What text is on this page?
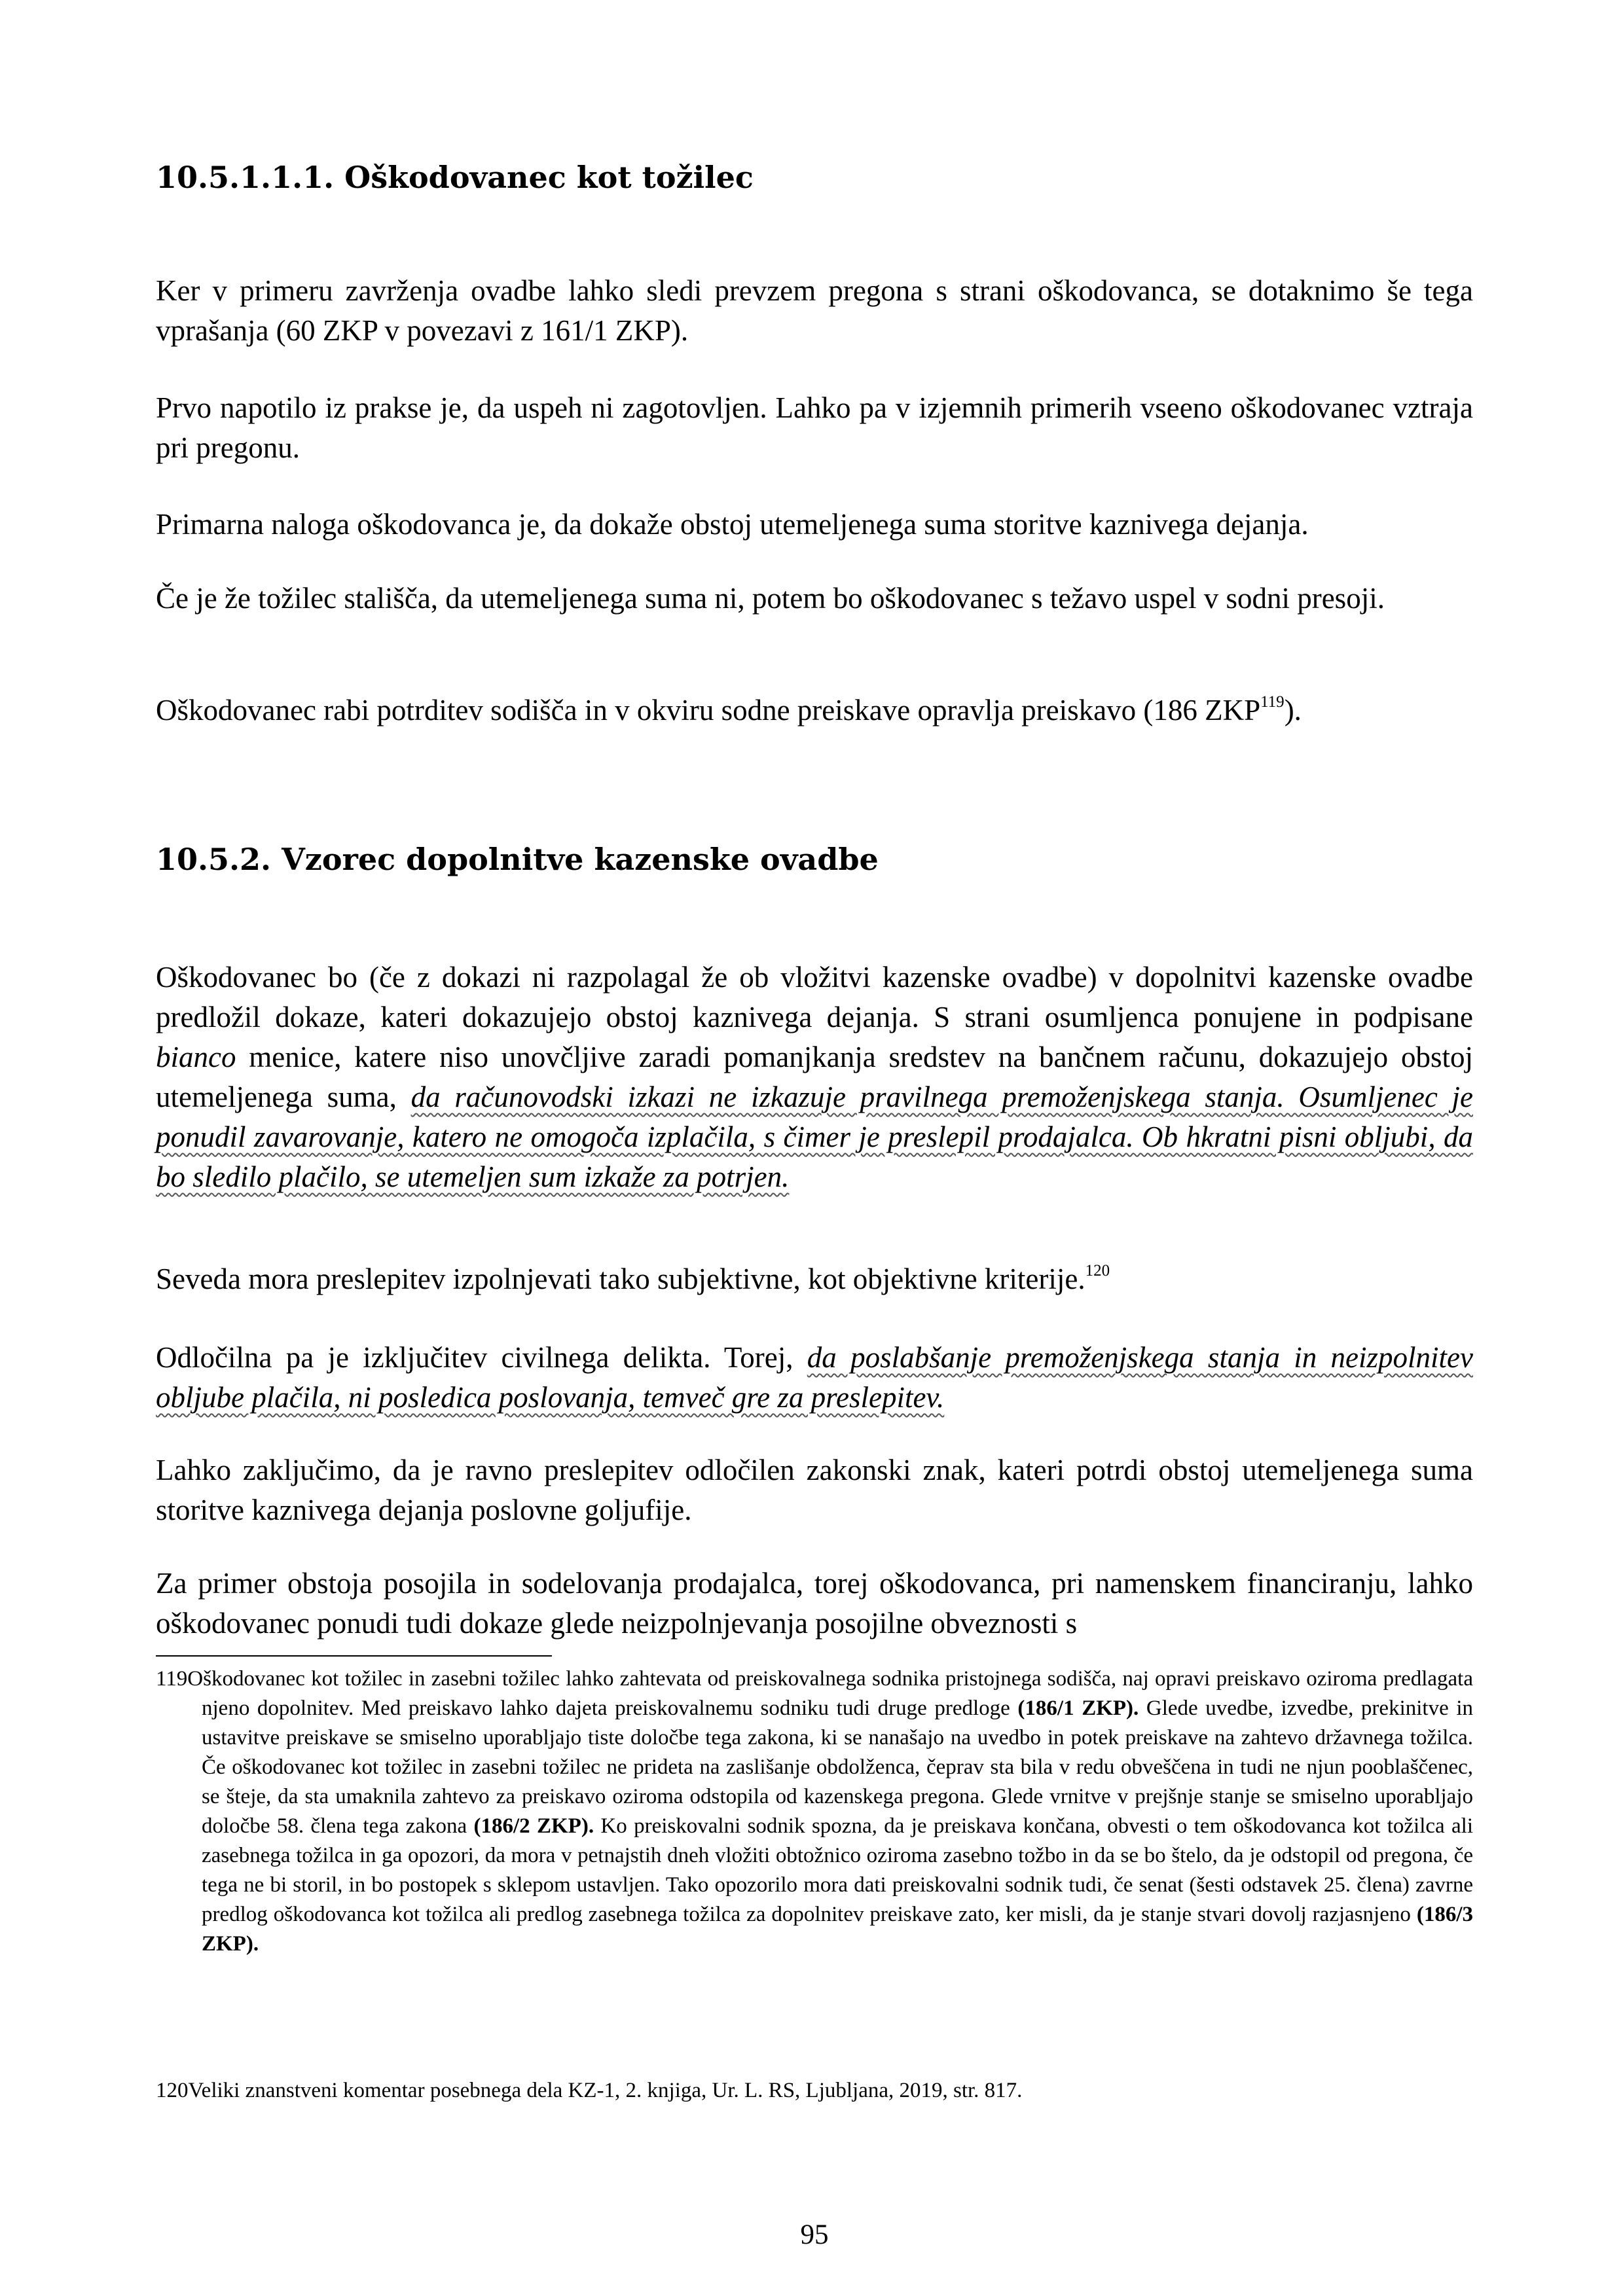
10.5.1.1.1. Oškodovanec kot tožilec

Ker v primeru zavrženja ovadbe lahko sledi prevzem pregona s strani oškodovanca, se dotaknimo še tega vprašanja (60 ZKP v povezavi z 161/1 ZKP).

Prvo napotilo iz prakse je, da uspeh ni zagotovljen. Lahko pa v izjemnih primerih vseeno oškodovanec vztraja pri pregonu.

Primarna naloga oškodovanca je, da dokaže obstoj utemeljenega suma storitve kaznivega dejanja.

Če je že tožilec stališča, da utemeljenega suma ni, potem bo oškodovanec s težavo uspel v sodni presoji.

Oškodovanec rabi potrditev sodišča in v okviru sodne preiskave opravlja preiskavo (186 ZKP$^{119}$).

10.5.2. Vzorec dopolnitve kazenske ovadbe

Oškodovanec bo (če z dokazi ni razpolagal že ob vložitvi kazenske ovadbe) v dopolnitvi kazenske ovadbe predložil dokaze, kateri dokazujejo obstoj kaznivega dejanja. S strani osumljenca ponujene in podpisane bianco menice, katere niso unovčljive zaradi pomanjkanja sredstev na bančnem računu, dokazujejo obstoj utemeljenega suma, da računovodski izkazi ne izkazuje pravilnega premoženjskega stanja. Osumljenec je ponudil zavarovanje, katero ne omogoča izplačila, s čimer je preslepil prodajalca. Ob hkratni pisni obljubi, da bo sledilo plačilo, se utemeljen sum izkaže za potrjen.

Seveda mora preslepitev izpolnjevati tako subjektivne, kot objektivne kriterije.$^{120}$

Odločilna pa je izključitev civilnega delikta. Torej, da poslabšanje premoženjskega stanja in neizpolnitev obljube plačila, ni posledica poslovanja, temveč gre za preslepitev.

Lahko zaključimo, da je ravno preslepitev odločilen zakonski znak, kateri potrdi obstoj utemeljenega suma storitve kaznivega dejanja poslovne goljufije.

Za primer obstoja posojila in sodelovanja prodajalca, torej oškodovanca, pri namenskem financiranju, lahko oškodovanec ponudi tudi dokaze glede neizpolnjevanja posojilne obveznosti s

119Oškodovanec kot tožilec in zasebni tožilec lahko zahtevata od preiskovalnega sodnika pristojnega sodišča, naj opravi preiskavo oziroma predlagata njeno dopolnitev. Med preiskavo lahko dajeta preiskovalnemu sodniku tudi druge predloge (186/1 ZKP). Glede uvedbe, izvedbe, prekinitve in ustavitve preiskave se smiselno uporabljajo tiste določbe tega zakona, ki se nanašajo na uvedbo in potek preiskave na zahtevo državnega tožilca. Če oškodovanec kot tožilec in zasebni tožilec ne prideta na zaslišanje obdolženca, čeprav sta bila v redu obveščena in tudi ne njun pooblaščenec, se šteje, da sta umaknila zahtevo za preiskavo oziroma odstopila od kazenskega pregona. Glede vrnitve v prejšnje stanje se smiselno uporabljajo določbe 58. člena tega zakona (186/2 ZKP). Ko preiskovalni sodnik spozna, da je preiskava končana, obvesti o tem oškodovanca kot tožilca ali zasebnega tožilca in ga opozori, da mora v petnajstih dneh vložiti obtožnico oziroma zasebno tožbo in da se bo štelo, da je odstopil od pregona, če tega ne bi storil, in bo postopek s sklepom ustavljen. Tako opozorilo mora dati preiskovalni sodnik tudi, če senat (šesti odstavek 25. člena) zavrne predlog oškodovanca kot tožilca ali predlog zasebnega tožilca za dopolnitev preiskave zato, ker misli, da je stanje stvari dovolj razjasnjeno (186/3 ZKP).
120Veliki znanstveni komentar posebnega dela KZ-1, 2. knjiga, Ur. L. RS, Ljubljana, 2019, str. 817.
95
